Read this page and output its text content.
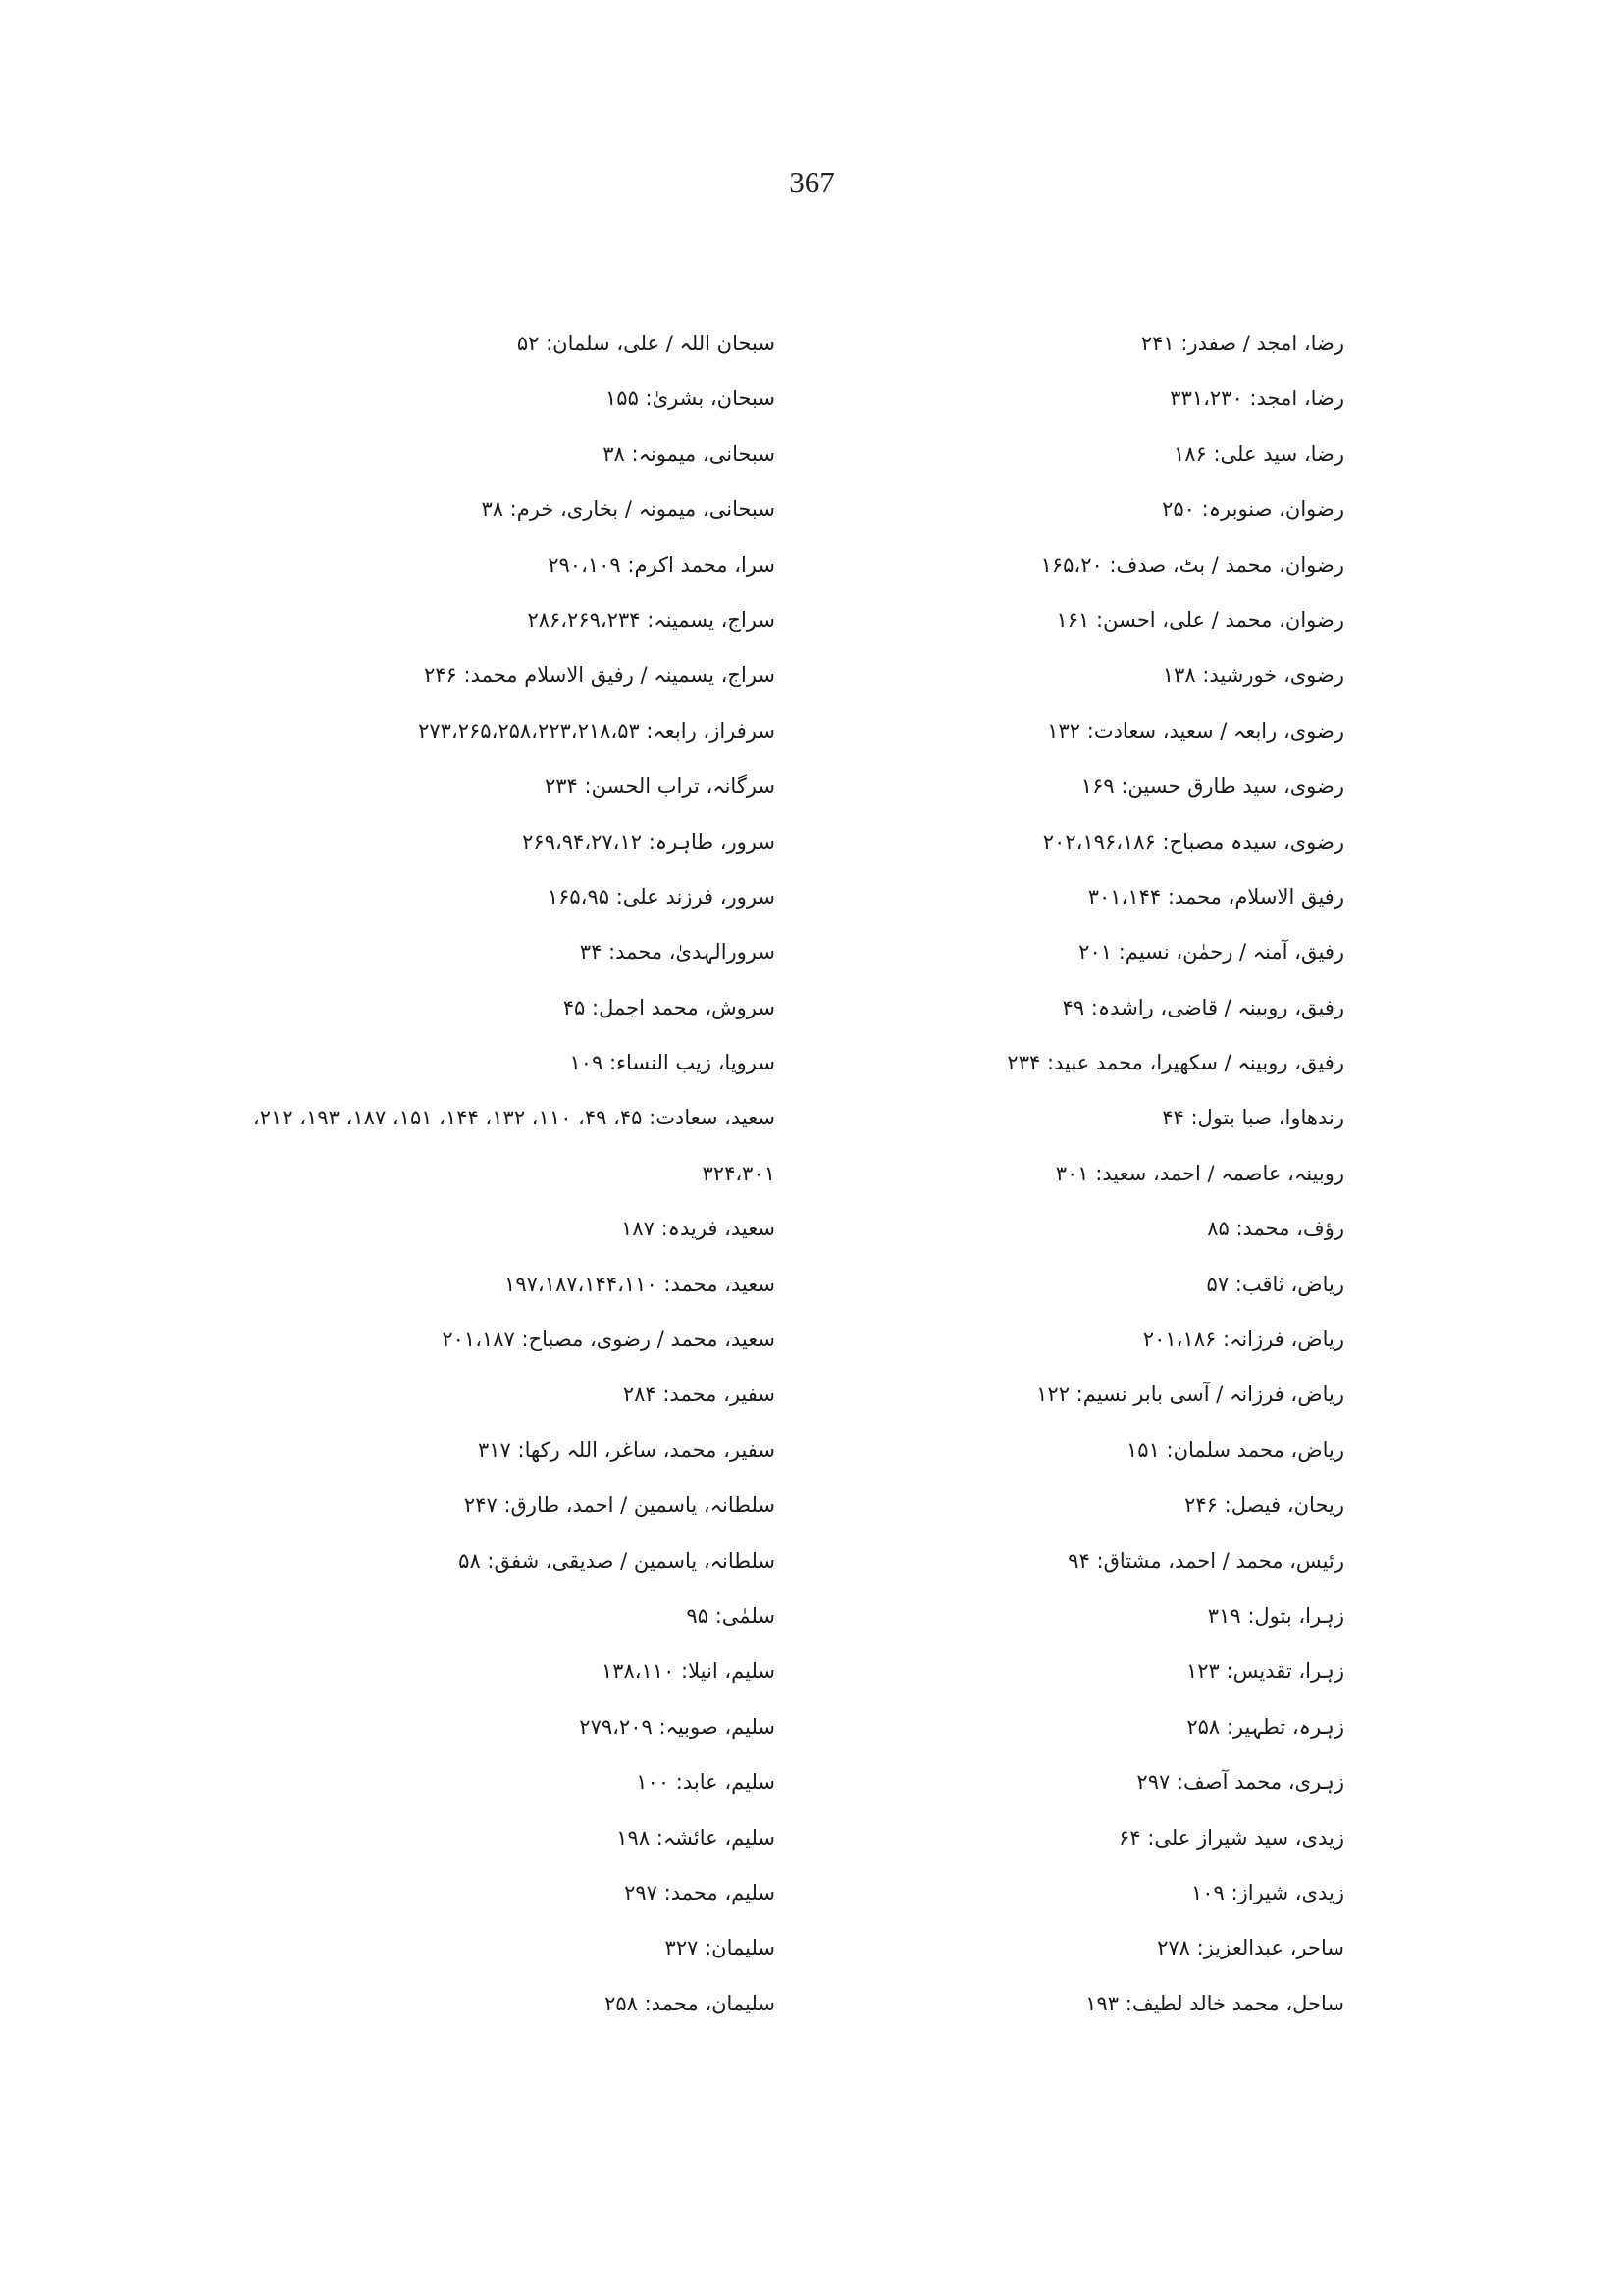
367
رضا، امجد / صفدر: ۲۴۱
رضا، امجد: ۳۳۱،۲۳۰
رضا، سید علی: ۱۸۶
رضوان، صنوبرہ: ۲۵۰
رضوان، محمد / بٹ، صدف: ۱۶۵،۲۰
رضوان، محمد / علی، احسن: ۱۶۱
رضوی، خورشید: ۱۳۸
رضوی، رابعہ / سعید، سعادت: ۱۳۲
رضوی، سید طارق حسین: ۱۶۹
رضوی، سیدہ مصباح: ۲۰۲،۱۹۶،۱۸۶
رفیق الاسلام، محمد: ۳۰۱،۱۴۴
رفیق، آمنہ / رحمٰن، نسیم: ۲۰۱
رفیق، روبینہ / قاضی، راشدہ: ۴۹
رفیق، روبینہ / سکھیرا، محمد عبید: ۲۳۴
رندھاوا، صبا بتول: ۴۴
روبینہ، عاصمہ / احمد، سعید: ۳۰۱
رؤف، محمد: ۸۵
ریاض، ثاقب: ۵۷
ریاض، فرزانہ: ۲۰۱،۱۸۶
ریاض، فرزانہ / آسی بابر نسیم: ۱۲۲
ریاض، محمد سلمان: ۱۵۱
ریحان، فیصل: ۲۴۶
رئیس، محمد / احمد، مشتاق: ۹۴
زہرا، بتول: ۳۱۹
زہرا، تقدیس: ۱۲۳
زہرہ، تطہیر: ۲۵۸
زہری، محمد آصف: ۲۹۷
زیدی، سید شیراز علی: ۶۴
زیدی، شیراز: ۱۰۹
ساحر، عبدالعزیز: ۲۷۸
ساحل، محمد خالد لطیف: ۱۹۳
سبحان اللہ / علی، سلمان: ۵۲
سبحان، بشریٰ: ۱۵۵
سبحانی، میمونہ: ۳۸
سبحانی، میمونہ / بخاری، خرم: ۳۸
سرا، محمد اکرم: ۲۹۰،۱۰۹
سراج، یسمینہ: ۲۸۶،۲۶۹،۲۳۴
سراج، یسمینہ / رفیق الاسلام محمد: ۲۴۶
سرفراز، رابعہ: ۲۷۳،۲۶۵،۲۵۸،۲۲۳،۲۱۸،۵۳
سرگانہ، تراب الحسن: ۲۳۴
سرور، طاہرہ: ۲۶۹،۹۴،۲۷،۱۲
سرور، فرزند علی: ۱۶۵،۹۵
سرورالہدیٰ، محمد: ۳۴
سروش، محمد اجمل: ۴۵
سرویا، زیب النساء: ۱۰۹
سعید، سعادت: ۴۵، ۴۹، ۱۱۰، ۱۳۲، ۱۴۴، ۱۵۱، ۱۸۷، ۱۹۳، ۲۱۲،
۳۲۴،۳۰۱
سعید، فریدہ: ۱۸۷
سعید، محمد: ۱۹۷،۱۸۷،۱۴۴،۱۱۰
سعید، محمد / رضوی، مصباح: ۲۰۱،۱۸۷
سفیر، محمد: ۲۸۴
سفیر، محمد، ساغر، اللہ رکھا: ۳۱۷
سلطانہ، یاسمین / احمد، طارق: ۲۴۷
سلطانہ، یاسمین / صدیقی، شفق: ۵۸
سلمٰی: ۹۵
سلیم، انیلا: ۱۳۸،۱۱۰
سلیم، صوبیہ: ۲۷۹،۲۰۹
سلیم، عابد: ۱۰۰
سلیم، عائشہ: ۱۹۸
سلیم، محمد: ۲۹۷
سلیمان: ۳۲۷
سلیمان، محمد: ۲۵۸
